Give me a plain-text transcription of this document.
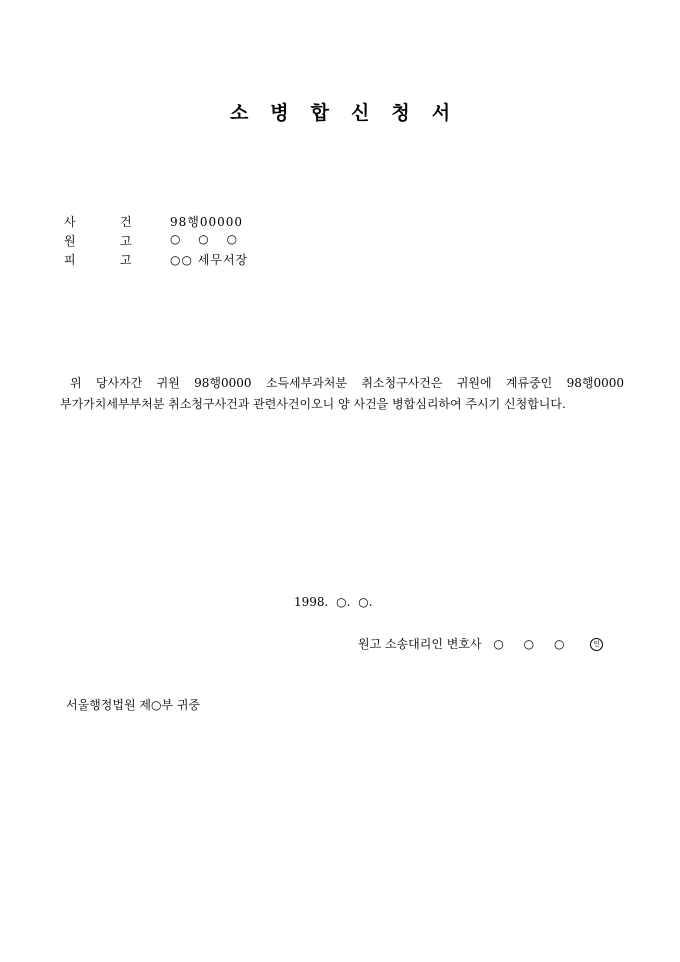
소병합신청서
사	건	98행00000
원	고	○ ○ ○
피	고	○○ 세무서장
위 당사자간 귀원 98행0000 소득세부과처분 취소청구사건은 귀원에 계류중인 98행0000 부가가치세부부처분 취소청구사건과 관련사건이오니 양 사건을 병합심리하여 주시기 신청합니다.
1998. ○. ○.
원고 소송대리인 변호사 ○ ○ ○	인
서울행정법원 제○부 귀중
